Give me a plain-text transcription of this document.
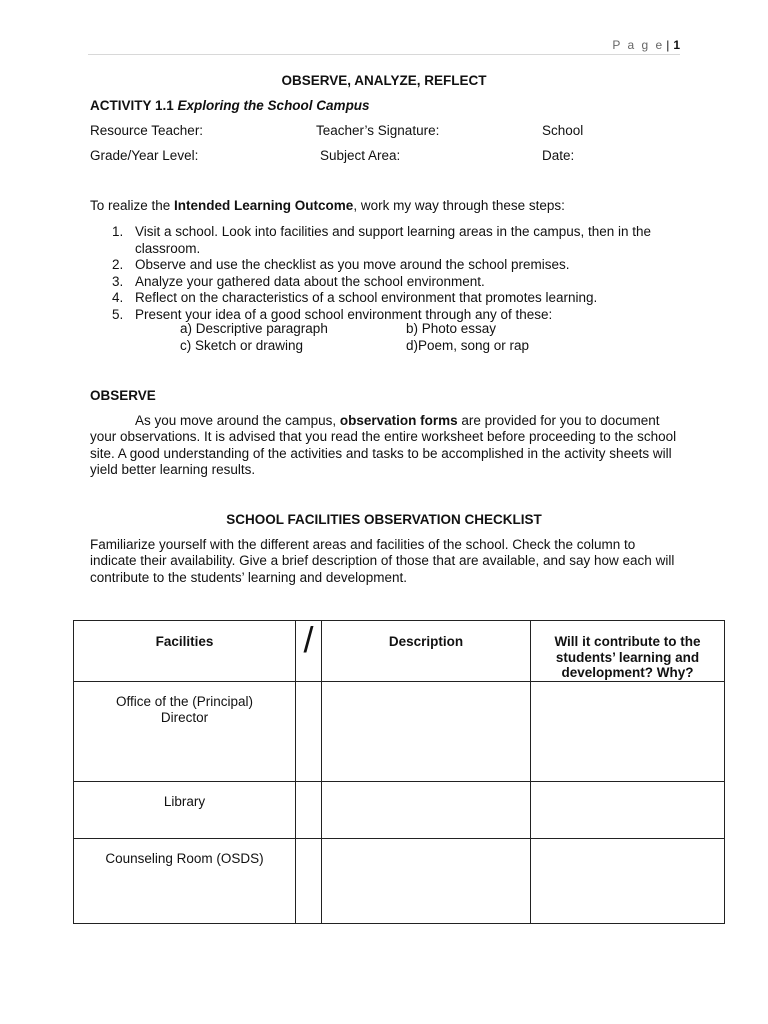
P a g e | 1
OBSERVE, ANALYZE, REFLECT
ACTIVITY 1.1 Exploring the School Campus
Resource Teacher:	Teacher’s Signature:	School
Grade/Year Level:	Subject Area:	Date:
To realize the Intended Learning Outcome, work my way through these steps:
1. Visit a school. Look into facilities and support learning areas in the campus, then in the classroom.
2. Observe and use the checklist as you move around the school premises.
3. Analyze your gathered data about the school environment.
4. Reflect on the characteristics of a school environment that promotes learning.
5. Present your idea of a good school environment through any of these:
a) Descriptive paragraph	b) Photo essay
c) Sketch or drawing	d)Poem, song or rap
OBSERVE
As you move around the campus, observation forms are provided for you to document your observations. It is advised that you read the entire worksheet before proceeding to the school site. A good understanding of the activities and tasks to be accomplished in the activity sheets will yield better learning results.
SCHOOL FACILITIES OBSERVATION CHECKLIST
Familiarize yourself with the different areas and facilities of the school. Check the column to indicate their availability. Give a brief description of those that are available, and say how each will contribute to the students’ learning and development.
Facilities	/	Description	Will it contribute to the students’ learning and development? Why?
Office of the (Principal) Director			
Library			
Counseling Room (OSDS)			
